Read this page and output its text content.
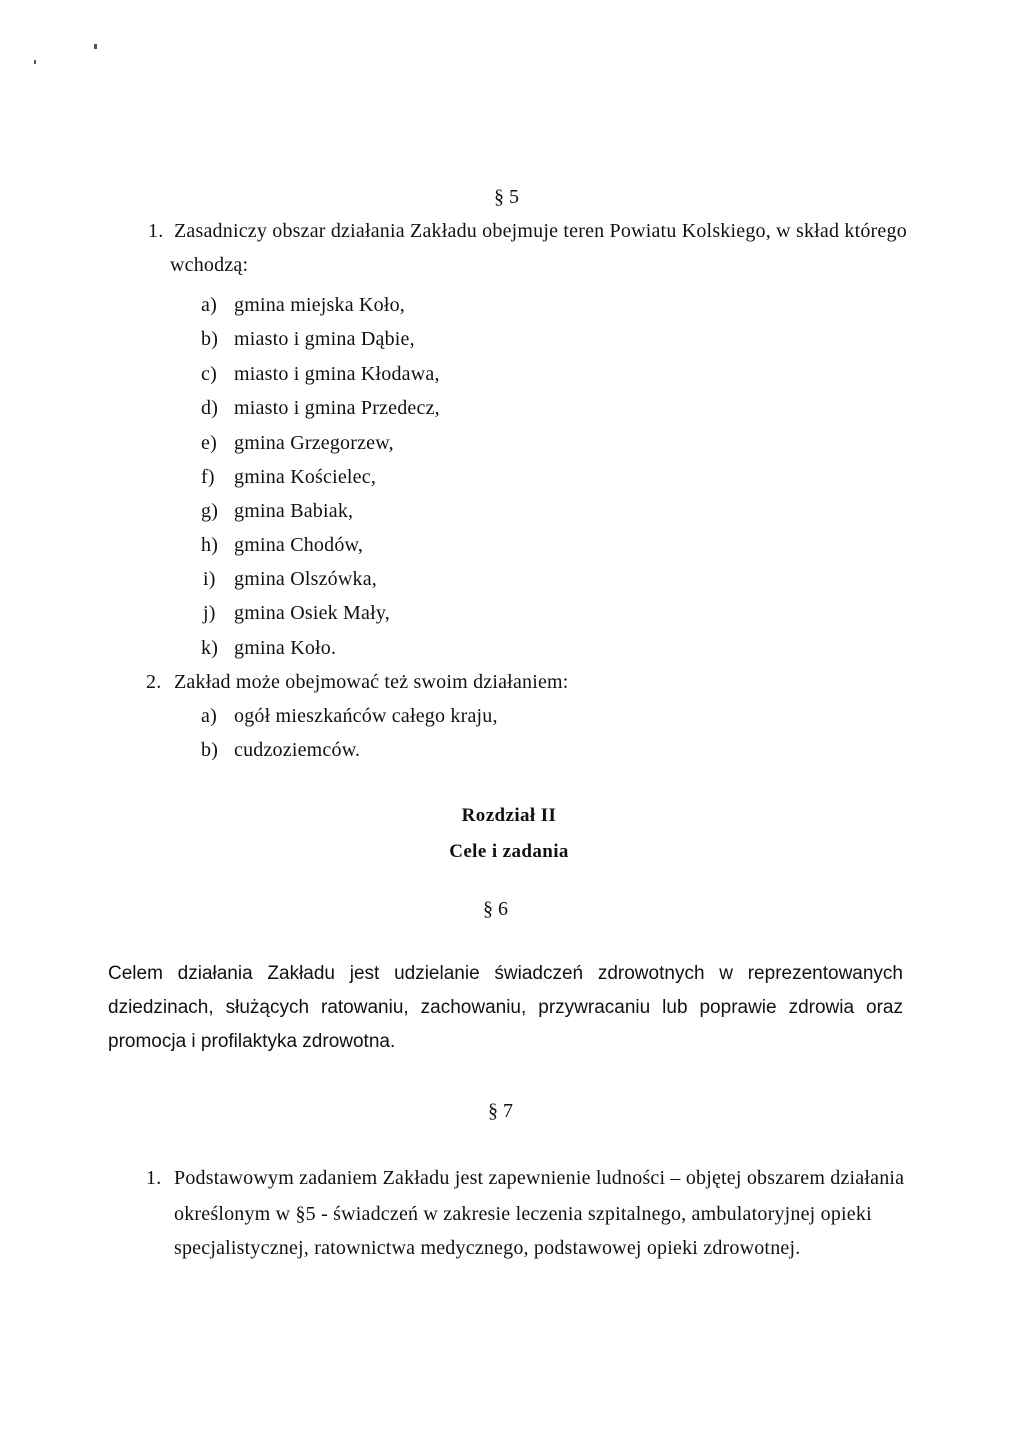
§ 5
1. Zasadniczy obszar działania Zakładu obejmuje teren Powiatu Kolskiego, w skład którego
wchodzą:
a) gmina miejska Koło,
b) miasto i gmina Dąbie,
c) miasto i gmina Kłodawa,
d) miasto i gmina Przedecz,
e) gmina Grzegorzew,
f) gmina Kościelec,
g) gmina Babiak,
h) gmina Chodów,
i) gmina Olszówka,
j) gmina Osiek Mały,
k) gmina Koło.
2. Zakład może obejmować też swoim działaniem:
a) ogół mieszkańców całego kraju,
b) cudzoziemców.
Rozdział II
Cele i zadania
§ 6
Celem działania Zakładu jest udzielanie świadczeń zdrowotnych w reprezentowanych
dziedzinach, służących ratowaniu, zachowaniu, przywracaniu lub poprawie zdrowia oraz
promocja i profilaktyka zdrowotna.
§ 7
1. Podstawowym zadaniem Zakładu jest zapewnienie ludności – objętej obszarem działania
określonym w §5 - świadczeń w zakresie leczenia szpitalnego, ambulatoryjnej opieki
specjalistycznej, ratownictwa medycznego, podstawowej opieki zdrowotnej.
